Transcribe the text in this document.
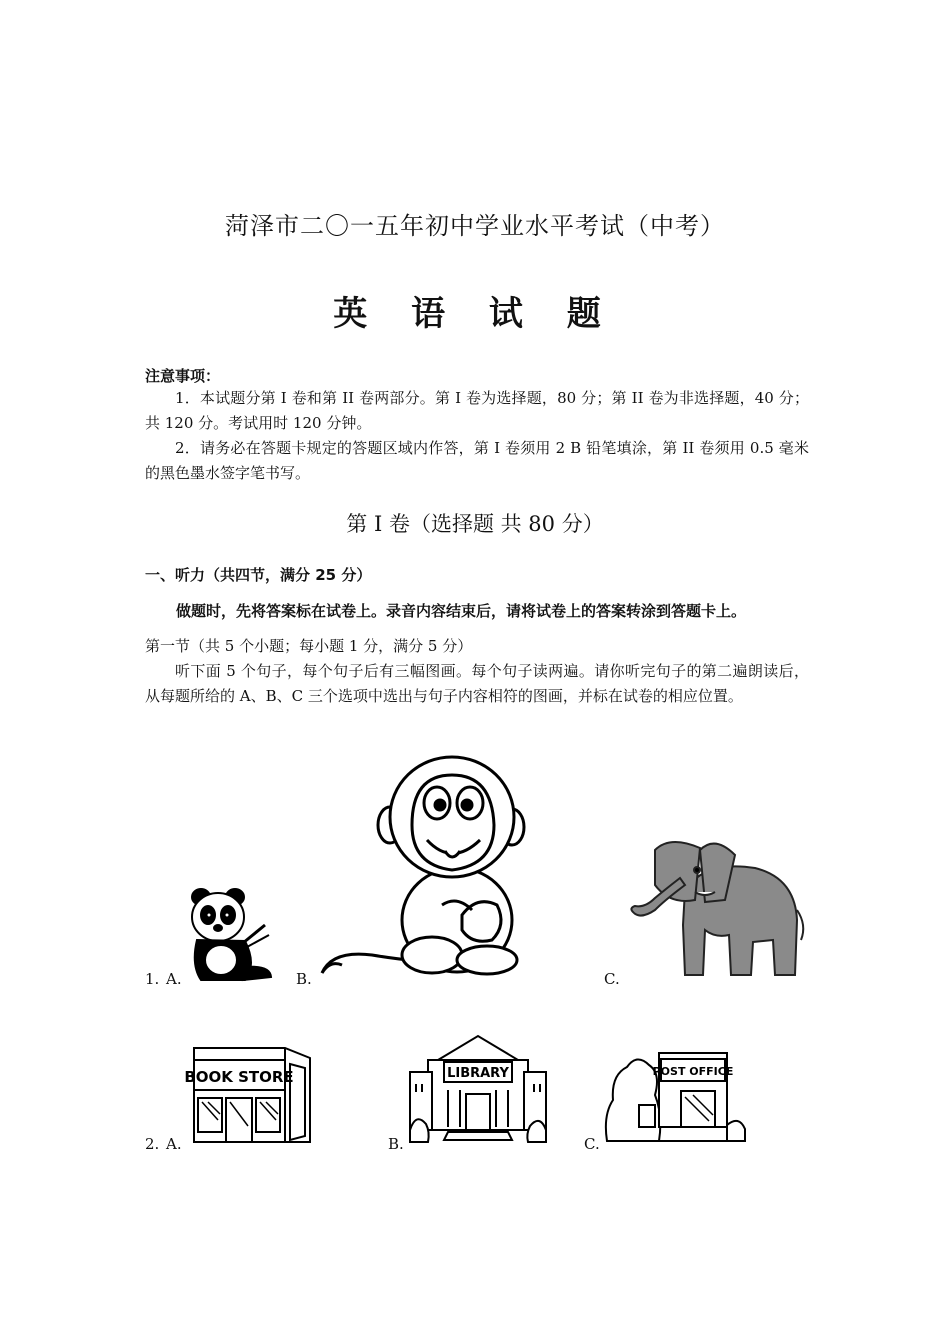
菏泽市二〇一五年初中学业水平考试（中考）
英 语 试 题
注意事项：
1．本试题分第 I 卷和第 II 卷两部分。第 I 卷为选择题，80 分；第 II 卷为非选择题，40 分；共 120 分。考试用时 120 分钟。
2．请务必在答题卡规定的答题区域内作答，第 I 卷须用 2 B 铅笔填涂，第 II 卷须用 0.5 毫米的黑色墨水签字笔书写。
第 I 卷（选择题 共 80 分）
一、听力（共四节，满分 25 分）
做题时，先将答案标在试卷上。录音内容结束后，请将试卷上的答案转涂到答题卡上。
第一节（共 5 个小题；每小题 1 分，满分 5 分）
听下面 5 个句子，每个句子后有三幅图画。每个句子读两遍。请你听完句子的第二遍朗读后，从每题所给的 A、B、C 三个选项中选出与句子内容相符的图画，并标在试卷的相应位置。
1. A.	B.	C.
2. A.	B.	C.
BOOK STORE	LIBRARY	POST OFFICE
